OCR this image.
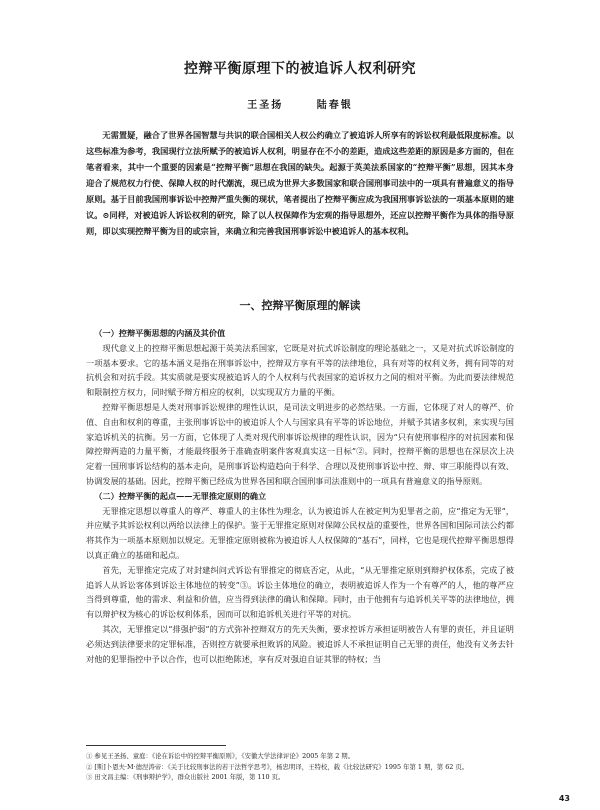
控辩平衡原理下的被追诉人权利研究
王圣扬	陆春银

无需置疑，融合了世界各国智慧与共识的联合国相关人权公约确立了被追诉人所享有的诉讼权利最低限度标准。以这些标准为参考，我国现行立法所赋予的被追诉人权利，明显存在不小的差距，造成这些差距的原因是多方面的，但在笔者看来，其中一个重要的因素是“控辩平衡”思想在我国的缺失。起源于英美法系国家的“控辩平衡”思想，因其本身迎合了规范权力行使、保障人权的时代潮流，现已成为世界大多数国家和联合国刑事司法中的一项具有普遍意义的指导原则。基于目前我国刑事诉讼中控辩严重失衡的现状，笔者提出了控辩平衡应成为我国刑事诉讼法的一项基本原则的建议。⊙同样，对被追诉人诉讼权利的研究，除了以人权保障作为宏观的指导思想外，还应以控辩平衡作为具体的指导原则，即以实现控辩平衡为目的或宗旨，来确立和完善我国刑事诉讼中被追诉人的基本权利。

一、控辩平衡原理的解读

（一）控辩平衡思想的内涵及其价值

现代意义上的控辩平衡思想起源于英美法系国家，它既是对抗式诉讼制度的理论基础之一，又是对抗式诉讼制度的一项基本要求。它的基本涵义是指在刑事诉讼中，控辩双方享有平等的法律地位，具有对等的权利义务，拥有同等的对抗机会和对抗手段。其实质就是要实现被追诉人的个人权利与代表国家的追诉权力之间的相对平衡。为此而要法律规范和限制控方权力，同时赋予辩方相应的权利，以实现双方力量的平衡。

控辩平衡思想是人类对刑事诉讼规律的理性认识，是司法文明进步的必然结果。一方面，它体现了对人的尊严、价值、自由和权利的尊重，主张刑事诉讼中的被追诉人个人与国家具有平等的诉讼地位，并赋予其诸多权利，来实现与国家追诉机关的抗衡。另一方面，它体现了人类对现代刑事诉讼规律的理性认识，因为“只有使刑事程序的对抗因素和保障控辩两造的力量平衡，才能最终服务于准确查明案件客观真实这一目标”②。同时，控辩平衡的思想也在深层次上决定着一国刑事诉讼结构的基本走向，是刑事诉讼构造趋向于科学、合理以及使刑事诉讼中控、辩、审三职能得以有效、协调发展的基础。因此，控辩平衡已经成为世界各国和联合国刑事司法准则中的一项具有普遍意义的指导原则。

（二）控辩平衡的起点——无罪推定原则的确立

无罪推定思想以尊重人的尊严、尊重人的主体性为理念，认为被追诉人在被定判为犯罪者之前，应“推定为无罪”，并应赋予其诉讼权利以两给以法律上的保护。鉴于无罪推定原则对保障公民权益的重要性，世界各国和国际司法公约都将其作为一项基本原则加以规定。无罪推定原则被称为被追诉人人权保障的“基石”，同样，它也是现代控辩平衡思想得以真正确立的基础和起点。

首先，无罪推定完成了对封建纠问式诉讼有罪推定的彻底否定，从此，“从无罪推定原则到辩护权体系，完成了被追诉人从诉讼客体到诉讼主体地位的转变”③。诉讼主体地位的确立，表明被追诉人作为一个有尊严的人，他的尊严应当得到尊重，他的需求、利益和价值，应当得到法律的确认和保障。同时，由于他拥有与追诉机关平等的法律地位，拥有以辩护权为核心的诉讼权利体系，因而可以和追诉机关进行平等的对抗。

其次，无罪推定以“排强护弱”的方式弥补控辩双方的先天失衡，要求控诉方承担证明被告人有罪的责任，并且证明必须达到法律要求的定罪标准，否则控方就要承担败诉的风险。被追诉人不承担证明自己无罪的责任，他没有义务去针对他的犯罪指控中予以合作，也可以拒绝陈述，享有反对强迫自证其罪的特权；当

① 参见王圣扬、童庭：《论在诉讼中的控辩平衡原则》，《安徽大学法律评论》2005 年第 2 期。
② [斯]卜恩夫·M·德涅涛帝：《关于比较刑事法的若干法哲学思考》，杨忠明译，王特校，载《比较法研究》1995 年第 1 期，第 62 页。
③ 田文昌主编：《刑事辩护学》，群众出版社 2001 年版，第 110 页。
43
